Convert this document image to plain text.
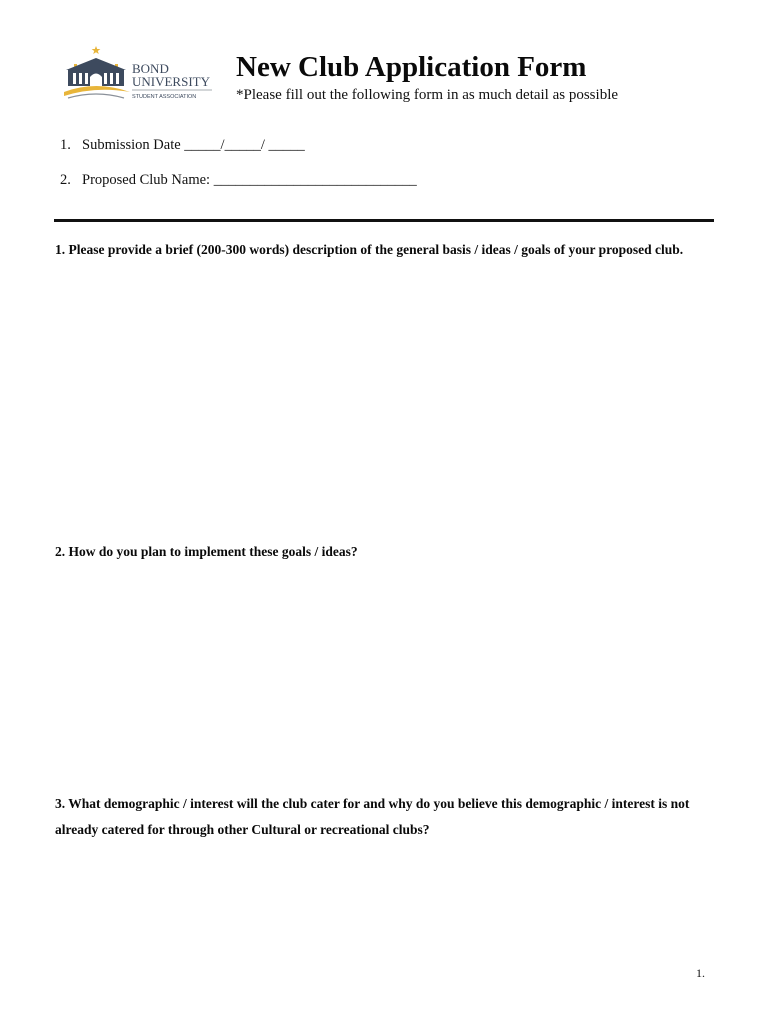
BOND
UNIVERSITY
STUDENT ASSOCIATION
New Club Application Form
*Please fill out the following form in as much detail as possible
1. Submission Date _____/_____/ _____
2. Proposed Club Name: ____________________________
1. Please provide a brief (200-300 words) description of the general basis / ideas / goals of your proposed club.
2. How do you plan to implement these goals / ideas?
3. What demographic / interest will the club cater for and why do you believe this demographic / interest is not already catered for through other Cultural or recreational clubs?
1.
